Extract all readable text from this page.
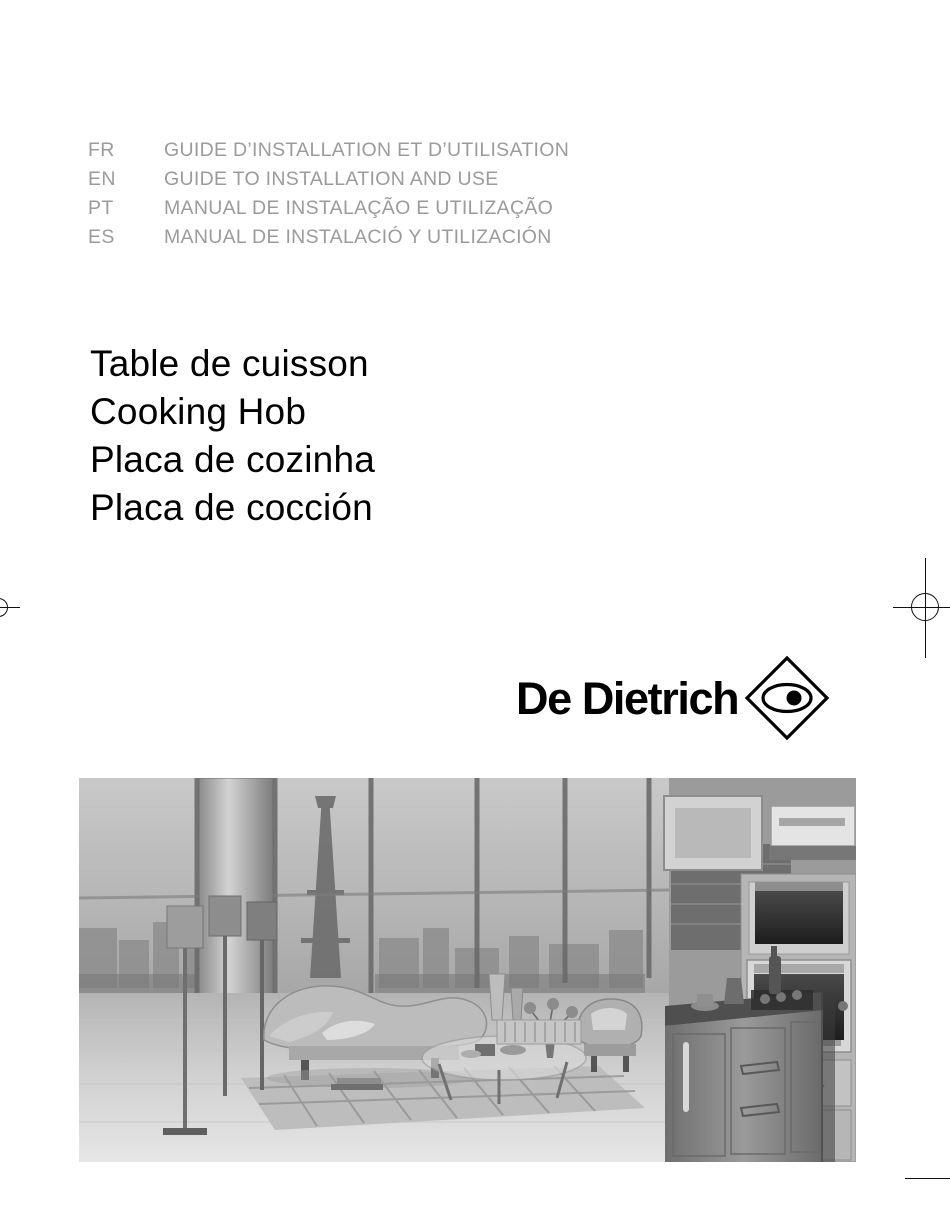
FR	GUIDE D’INSTALLATION ET D’UTILISATION
EN	GUIDE TO INSTALLATION AND USE
PT	MANUAL DE INSTALAÇÃO E UTILIZAÇÃO
ES	MANUAL DE INSTALACIÓ Y UTILIZACIÓN
Table de cuisson
Cooking Hob
Placa de cozinha
Placa de cocción
De Dietrich
